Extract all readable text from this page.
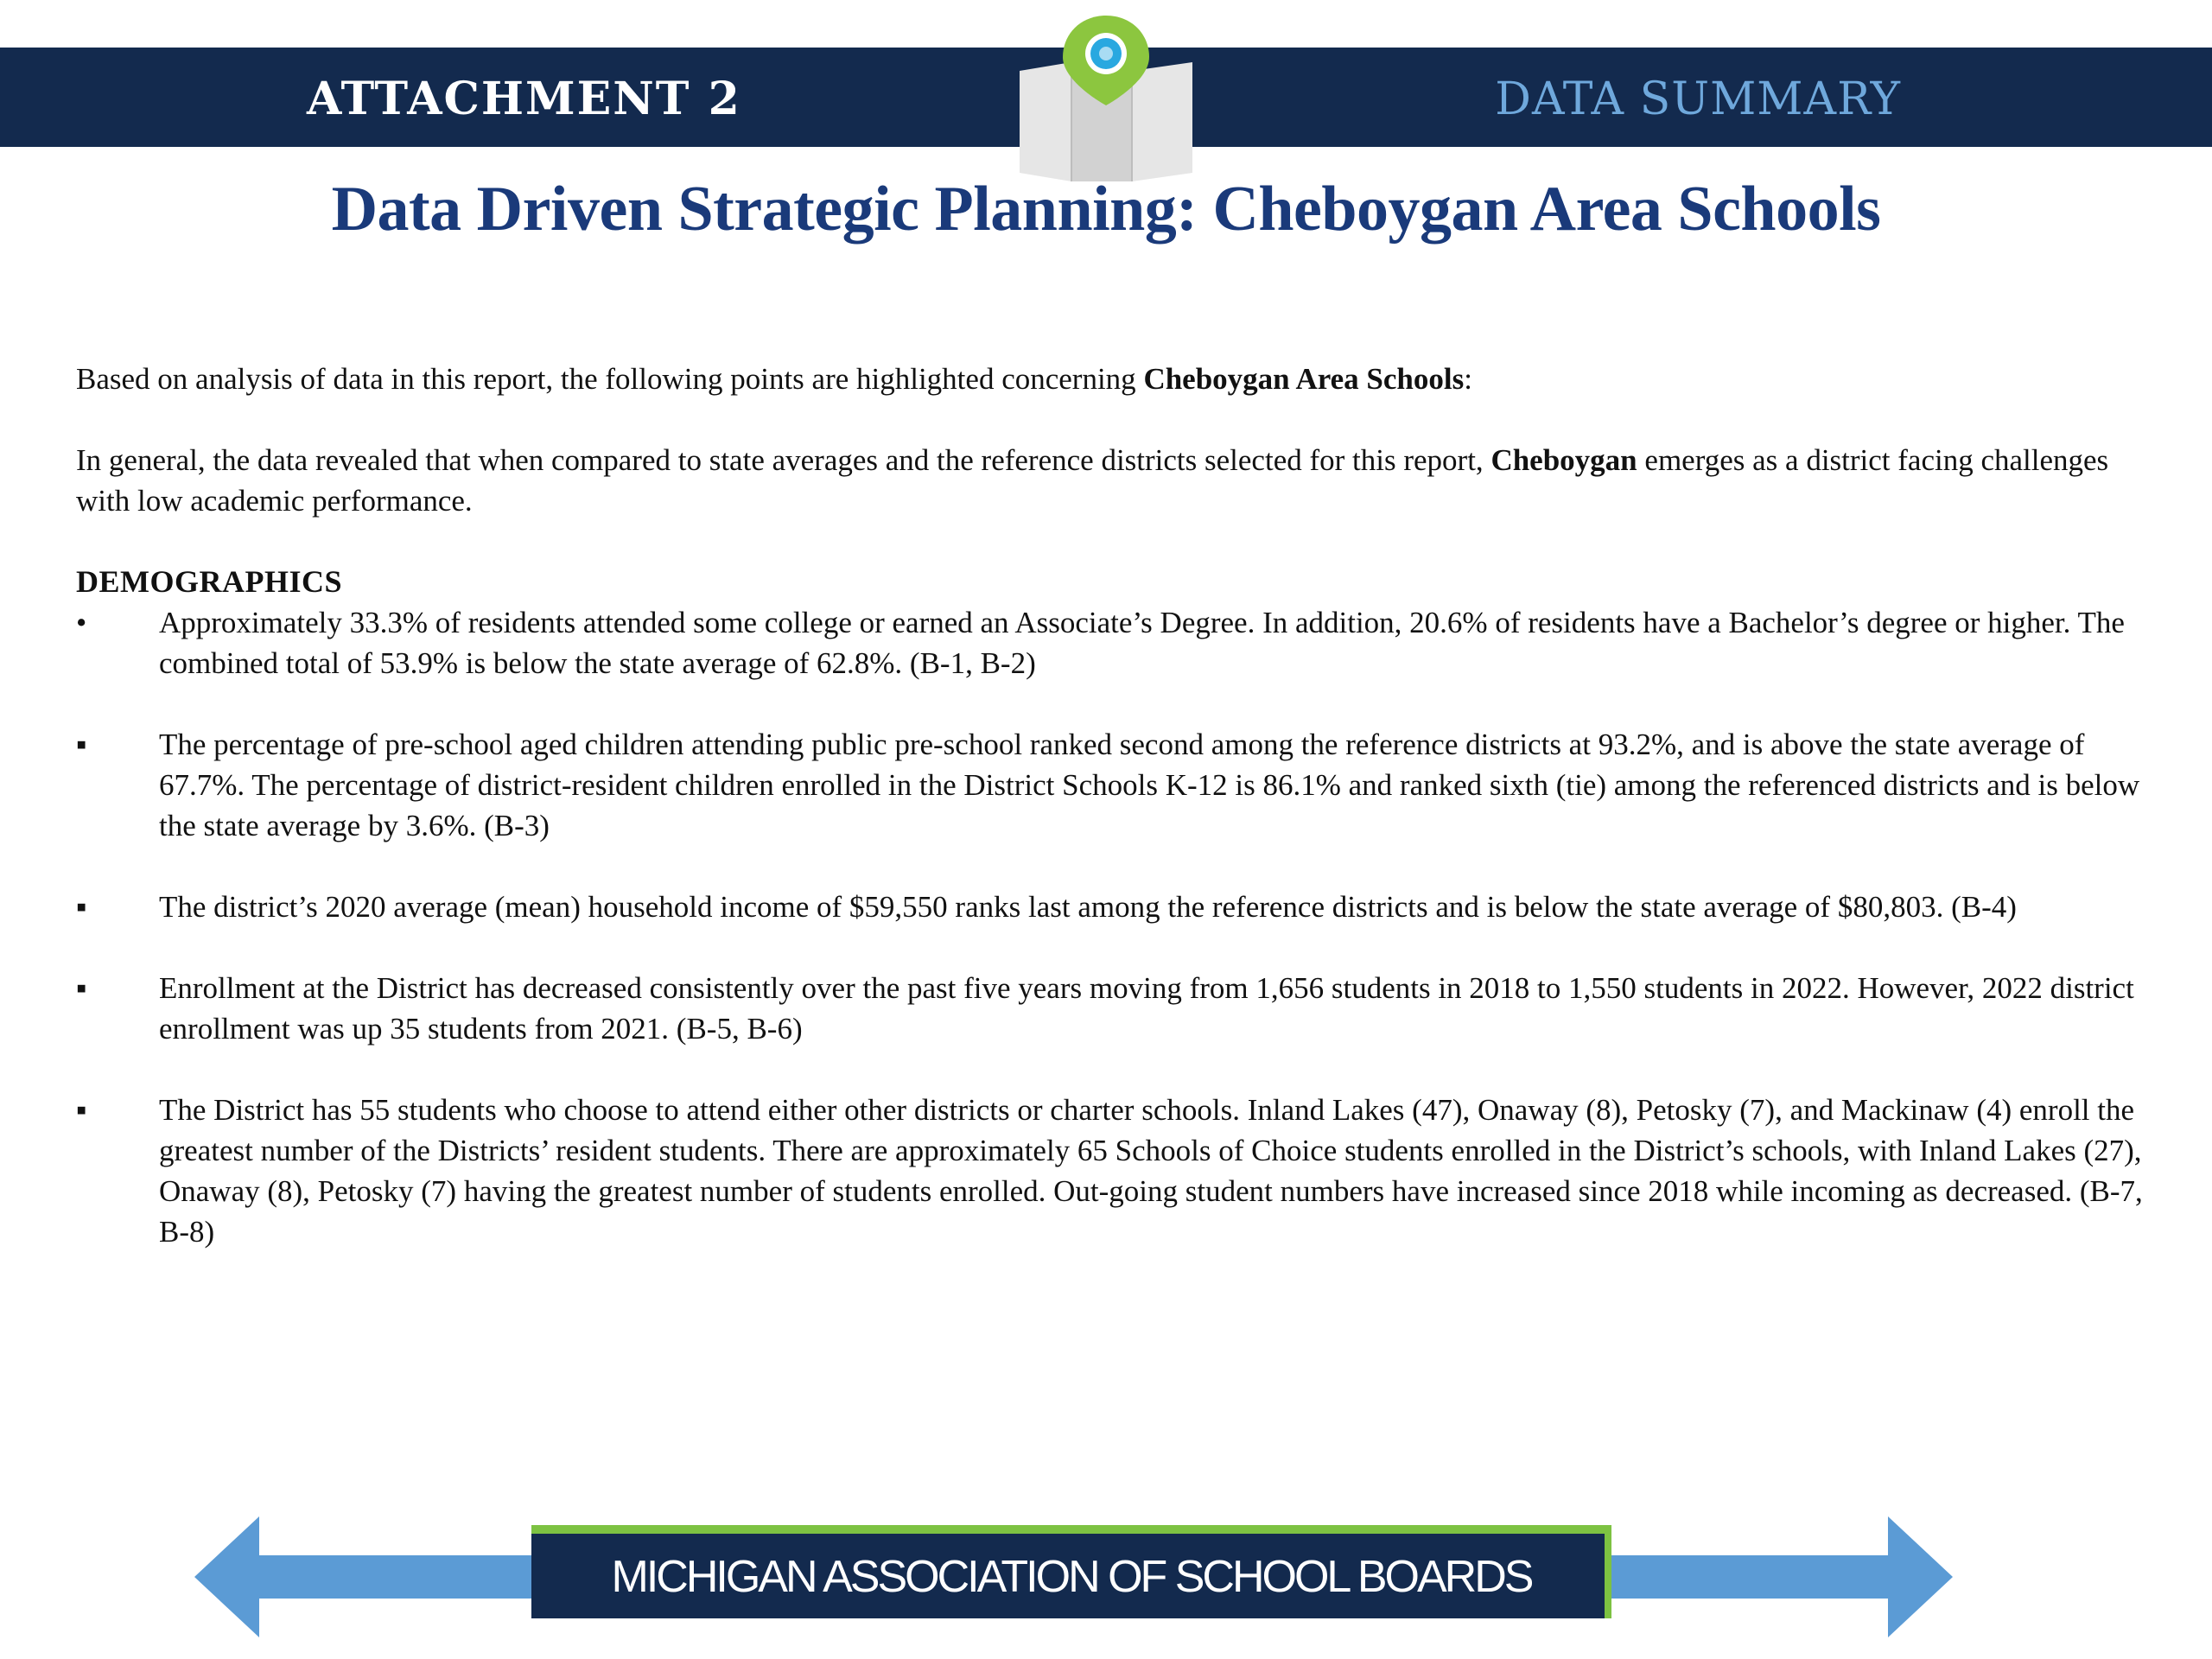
ATTACHMENT 2	DATA SUMMARY
Data Driven Strategic Planning: Cheboygan Area Schools

Based on analysis of data in this report, the following points are highlighted concerning Cheboygan Area Schools:

In general, the data revealed that when compared to state averages and the reference districts selected for this report, Cheboygan emerges as a district facing challenges with low academic performance.

DEMOGRAPHICS
•	Approximately 33.3% of residents attended some college or earned an Associate’s Degree. In addition, 20.6% of residents have a Bachelor’s degree or higher. The combined total of 53.9% is below the state average of 62.8%. (B-1, B-2)
▪	The percentage of pre-school aged children attending public pre-school ranked second among the reference districts at 93.2%, and is above the state average of 67.7%. The percentage of district-resident children enrolled in the District Schools K-12 is 86.1% and ranked sixth (tie) among the referenced districts and is below the state average by 3.6%. (B-3)
▪	The district’s 2020 average (mean) household income of $59,550 ranks last among the reference districts and is below the state average of $80,803. (B-4)
▪	Enrollment at the District has decreased consistently over the past five years moving from 1,656 students in 2018 to 1,550 students in 2022. However, 2022 district enrollment was up 35 students from 2021. (B-5, B-6)
▪	The District has 55 students who choose to attend either other districts or charter schools. Inland Lakes (47), Onaway (8), Petosky (7), and Mackinaw (4) enroll the greatest number of the Districts’ resident students. There are approximately 65 Schools of Choice students enrolled in the District’s schools, with Inland Lakes (27), Onaway (8), Petosky (7) having the greatest number of students enrolled. Out-going student numbers have increased since 2018 while incoming as decreased. (B-7, B-8)
MICHIGAN ASSOCIATION OF SCHOOL BOARDS
